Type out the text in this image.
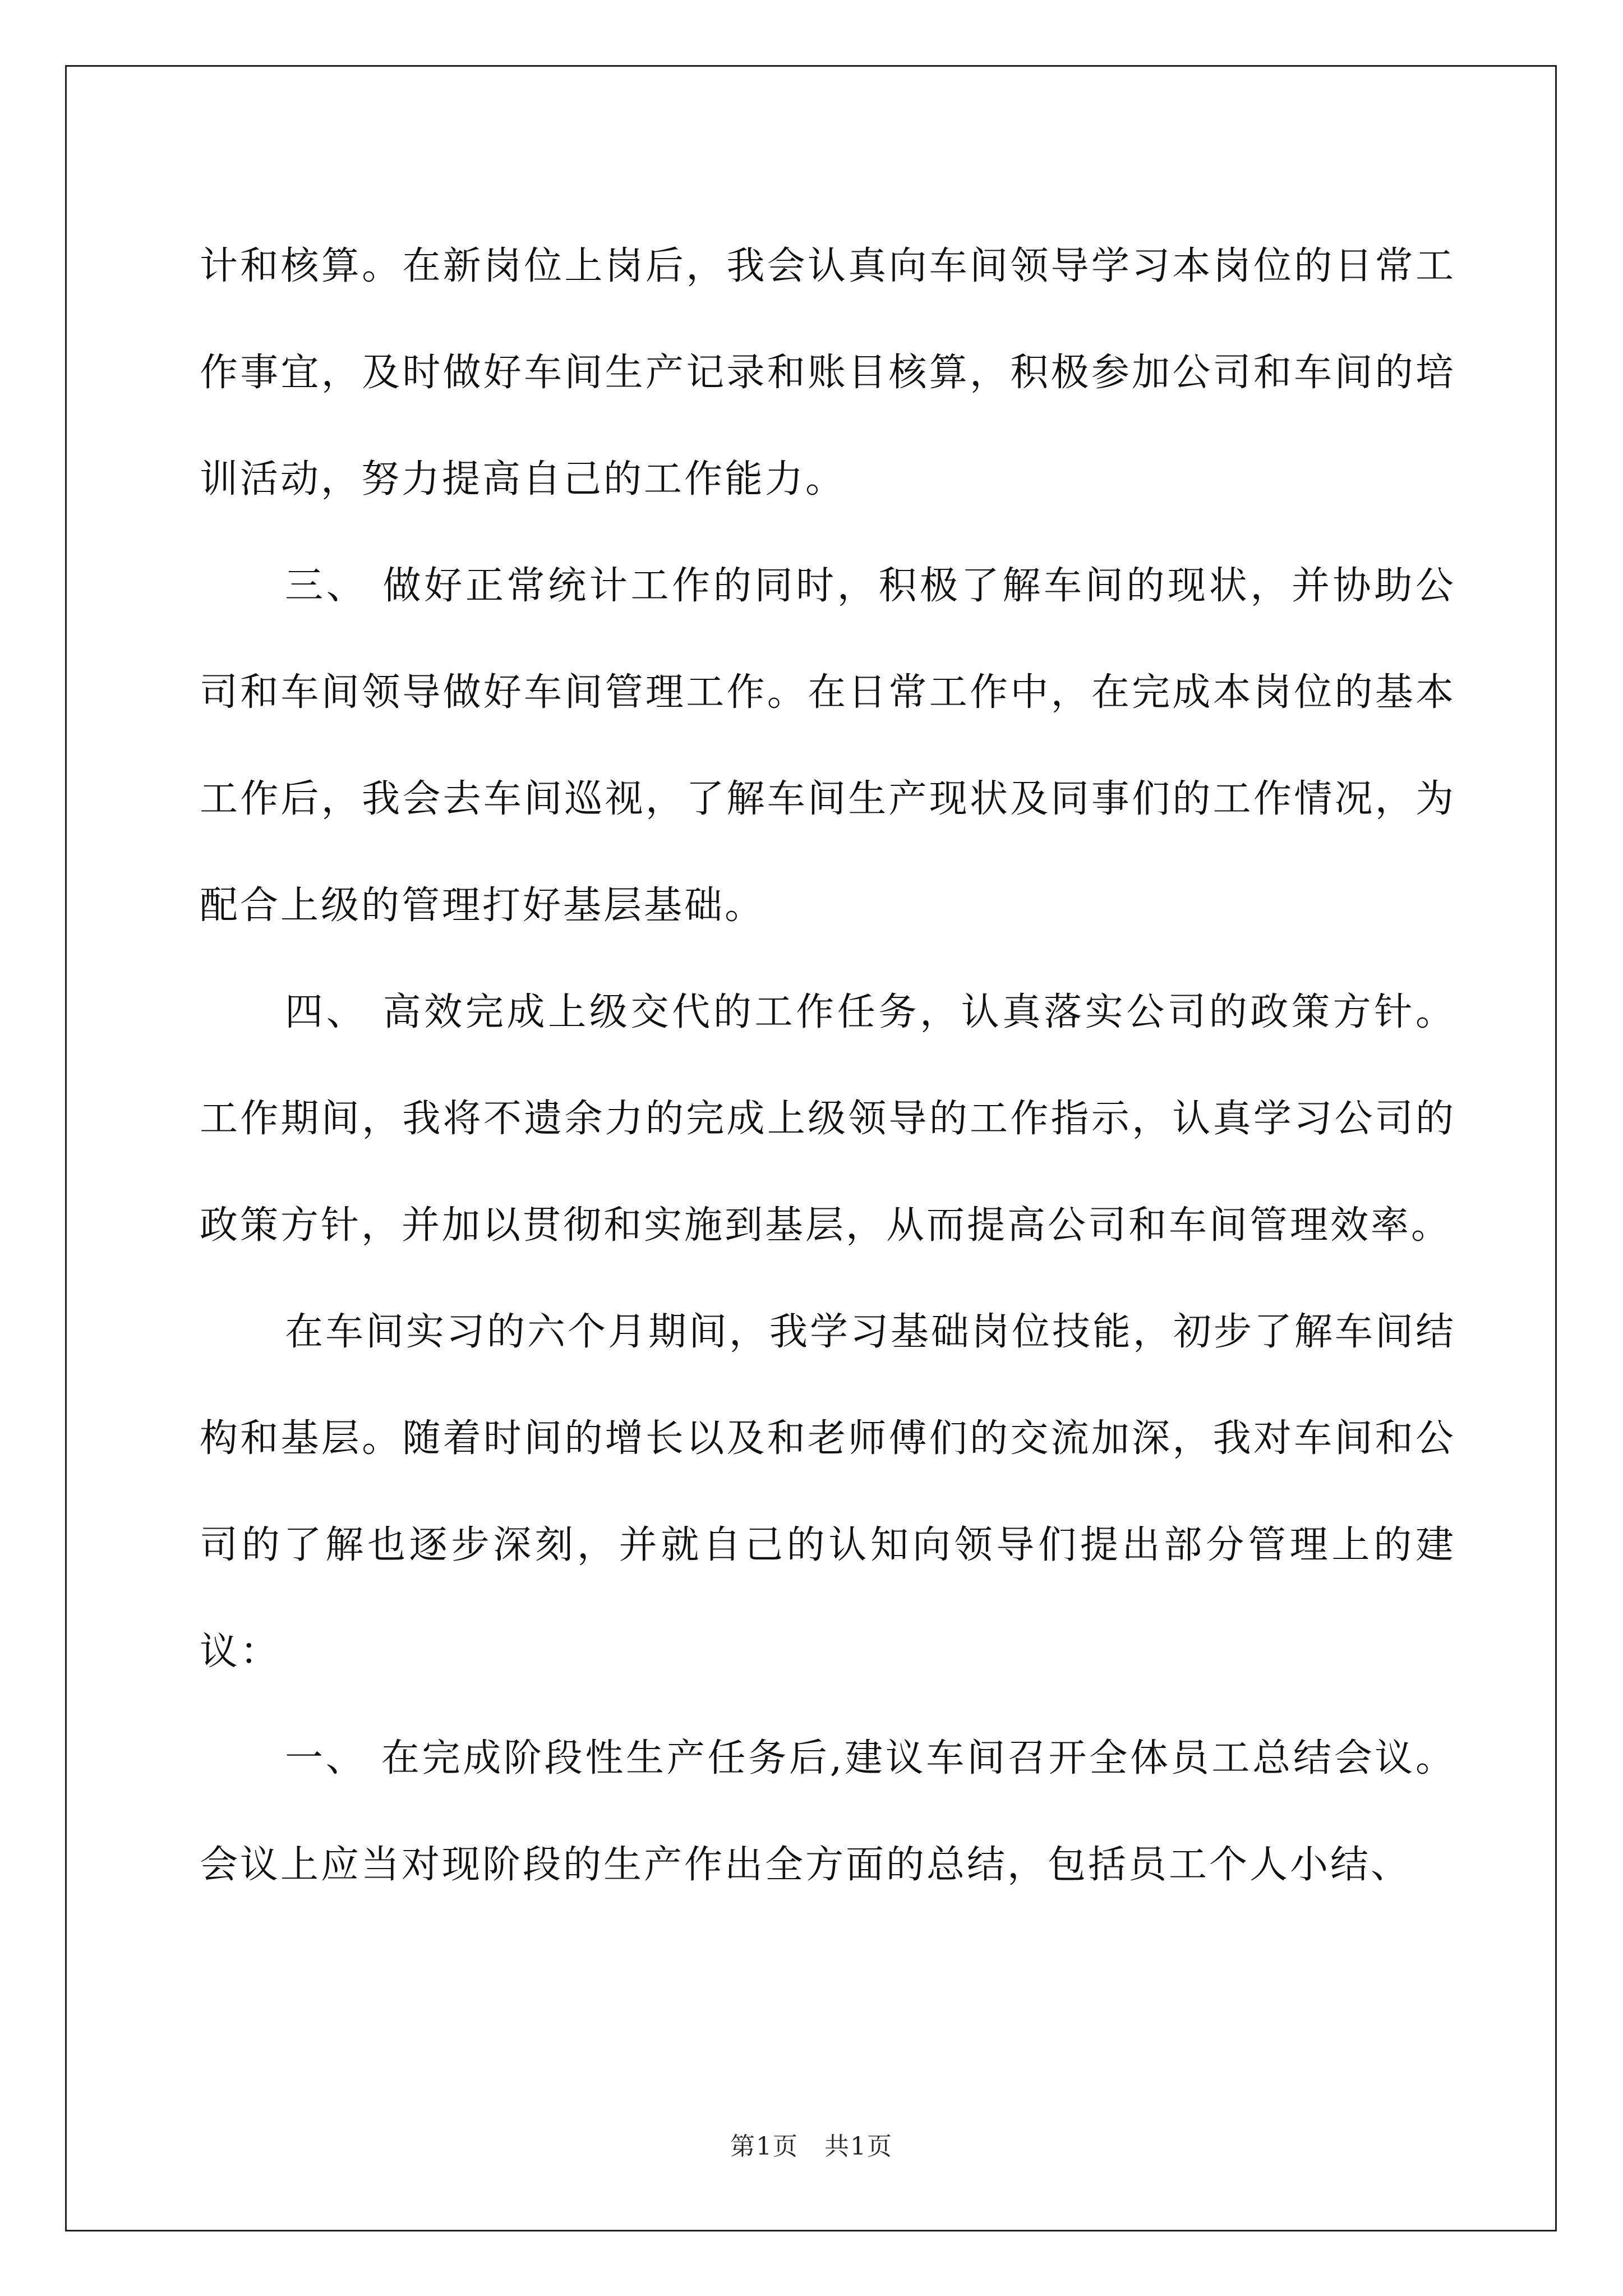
计和核算。在新岗位上岗后，我会认真向车间领导学习本岗位的日常工作事宜，及时做好车间生产记录和账目核算，积极参加公司和车间的培训活动，努力提高自己的工作能力。

三、 做好正常统计工作的同时，积极了解车间的现状，并协助公司和车间领导做好车间管理工作。在日常工作中，在完成本岗位的基本工作后，我会去车间巡视，了解车间生产现状及同事们的工作情况，为配合上级的管理打好基层基础。

四、 高效完成上级交代的工作任务，认真落实公司的政策方针。工作期间，我将不遗余力的完成上级领导的工作指示，认真学习公司的政策方针，并加以贯彻和实施到基层，从而提高公司和车间管理效率。

在车间实习的六个月期间，我学习基础岗位技能，初步了解车间结构和基层。随着时间的增长以及和老师傅们的交流加深，我对车间和公司的了解也逐步深刻，并就自己的认知向领导们提出部分管理上的建议：

一、 在完成阶段性生产任务后,建议车间召开全体员工总结会议。会议上应当对现阶段的生产作出全方面的总结，包括员工个人小结、

第1页　共1页
